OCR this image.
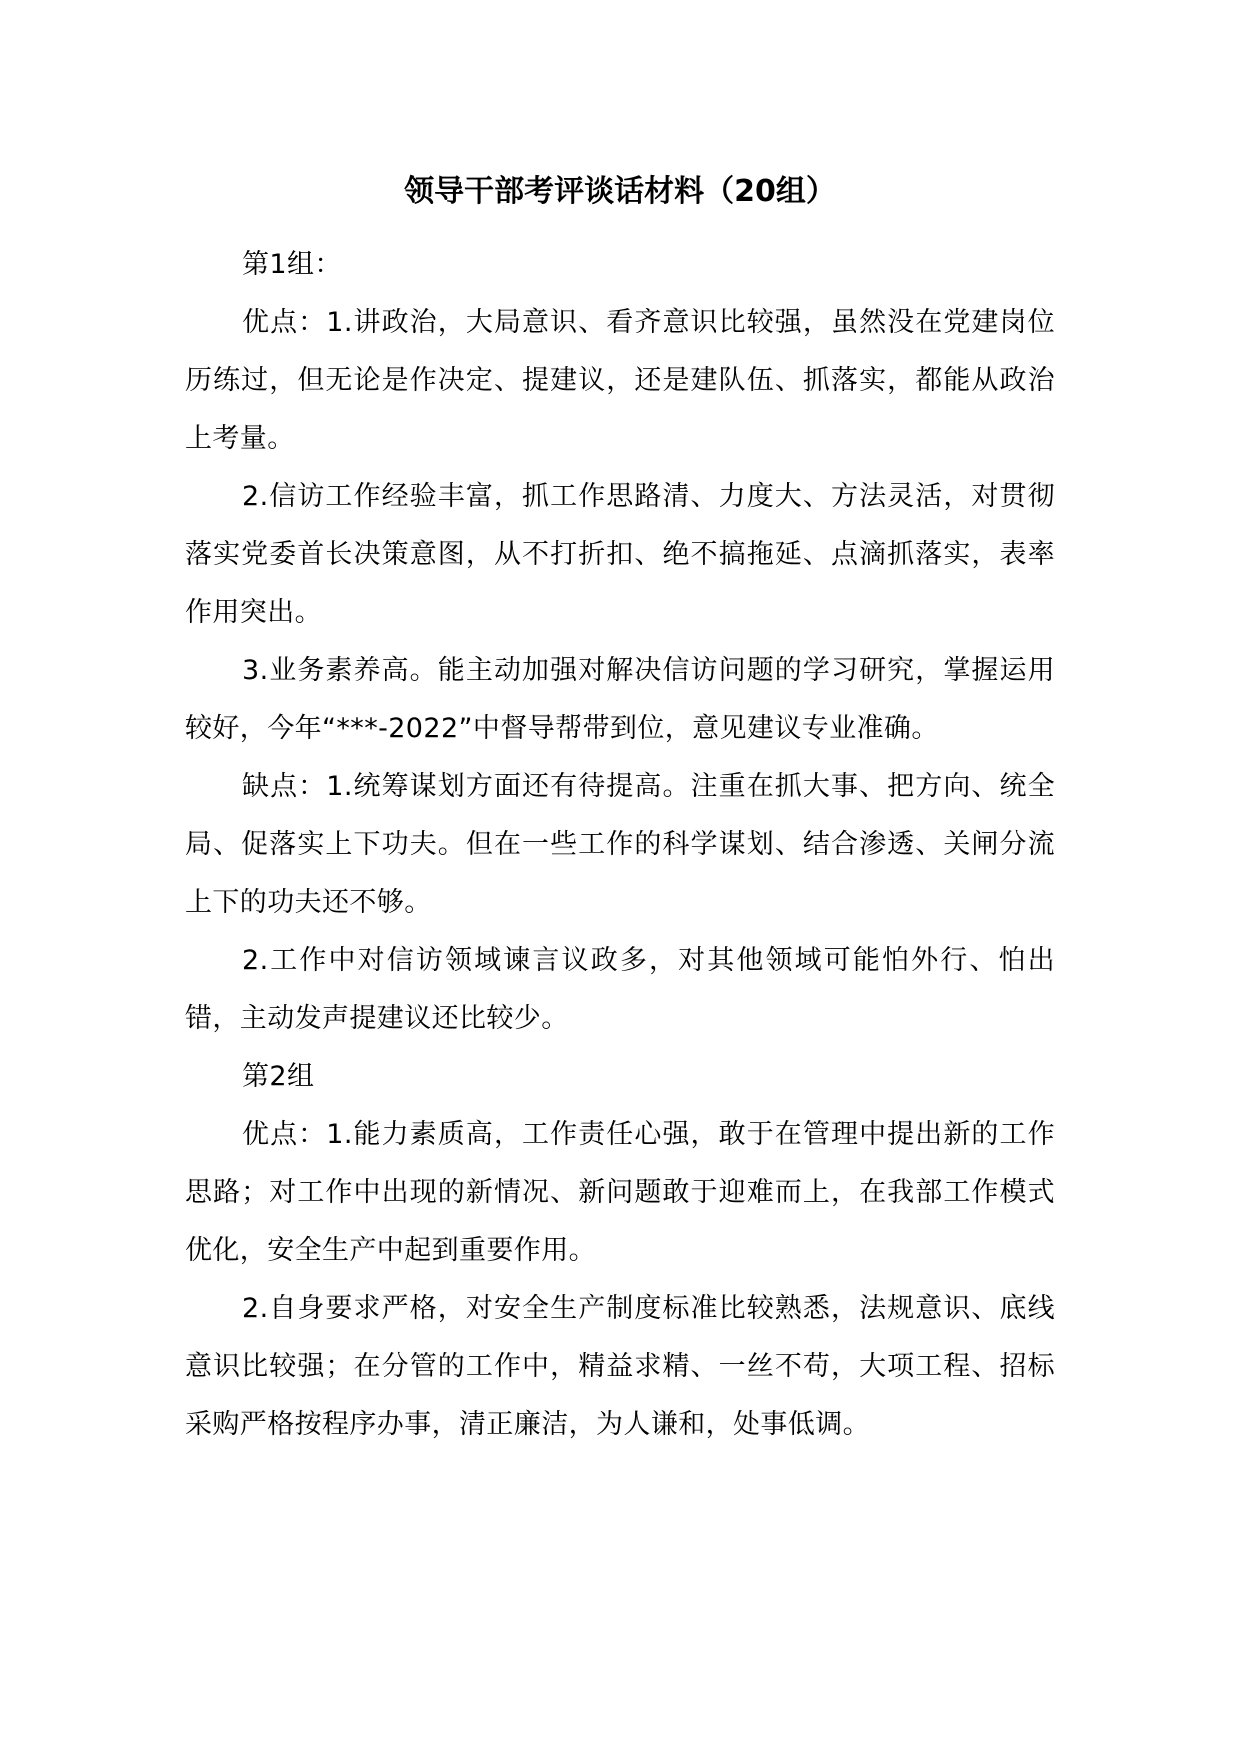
领导干部考评谈话材料（20组）

第1组：

优点：1.讲政治，大局意识、看齐意识比较强，虽然没在党建岗位历练过，但无论是作决定、提建议，还是建队伍、抓落实，都能从政治上考量。

2.信访工作经验丰富，抓工作思路清、力度大、方法灵活，对贯彻落实党委首长决策意图，从不打折扣、绝不搞拖延、点滴抓落实，表率作用突出。

3.业务素养高。能主动加强对解决信访问题的学习研究，掌握运用较好，今年“***-2022”中督导帮带到位，意见建议专业准确。

缺点：1.统筹谋划方面还有待提高。注重在抓大事、把方向、统全局、促落实上下功夫。但在一些工作的科学谋划、结合渗透、关闸分流上下的功夫还不够。

2.工作中对信访领域谏言议政多，对其他领域可能怕外行、怕出错，主动发声提建议还比较少。

第2组

优点：1.能力素质高，工作责任心强，敢于在管理中提出新的工作思路；对工作中出现的新情况、新问题敢于迎难而上，在我部工作模式优化，安全生产中起到重要作用。

2.自身要求严格，对安全生产制度标准比较熟悉，法规意识、底线意识比较强；在分管的工作中，精益求精、一丝不苟，大项工程、招标采购严格按程序办事，清正廉洁，为人谦和，处事低调。
